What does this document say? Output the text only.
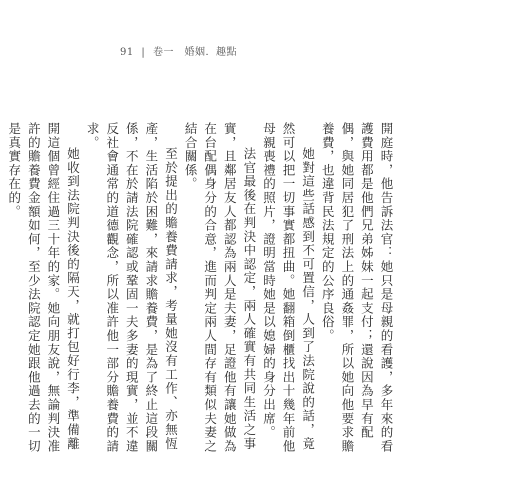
91 | 卷一　婚姻．趣點

開庭時，他告訴法官：她只是母親的看護，多年來的看護費用都是他們兄弟姊妹一起支付；還說因為早有配偶，與她同居犯了刑法上的通姦罪，所以她向他要求贍養費，也違背民法規定的公序良俗。

她對這些話感到不可置信，人到了法院說的話，竟然可以把一切事實都扭曲。她翻箱倒櫃找出十幾年前他母親喪禮的照片，證明當時她是以媳婦的身分出席。

法官最後在判決中認定，兩人確實有共同生活之事實，且鄰居友人都認為兩人是夫妻，足證他有讓她做為在台配偶身分的合意，進而判定兩人間存有類似夫妻之結合關係。

至於提出的贍養費請求，考量她沒有工作、亦無恆產，生活陷於困難，來請求贍養費，是為了終止這段關係，不在於請法院確認或鞏固一夫多妻的現實，並不違反社會通常的道德觀念，所以准許他一部分贍養費的請求。

她收到法院判決後的隔天，就打包好行李，準備離開這個曾經住過三十年的家。她向朋友說，無論判決准許的贍養費金額如何，至少法院認定她跟他過去的一切是真實存在的。
